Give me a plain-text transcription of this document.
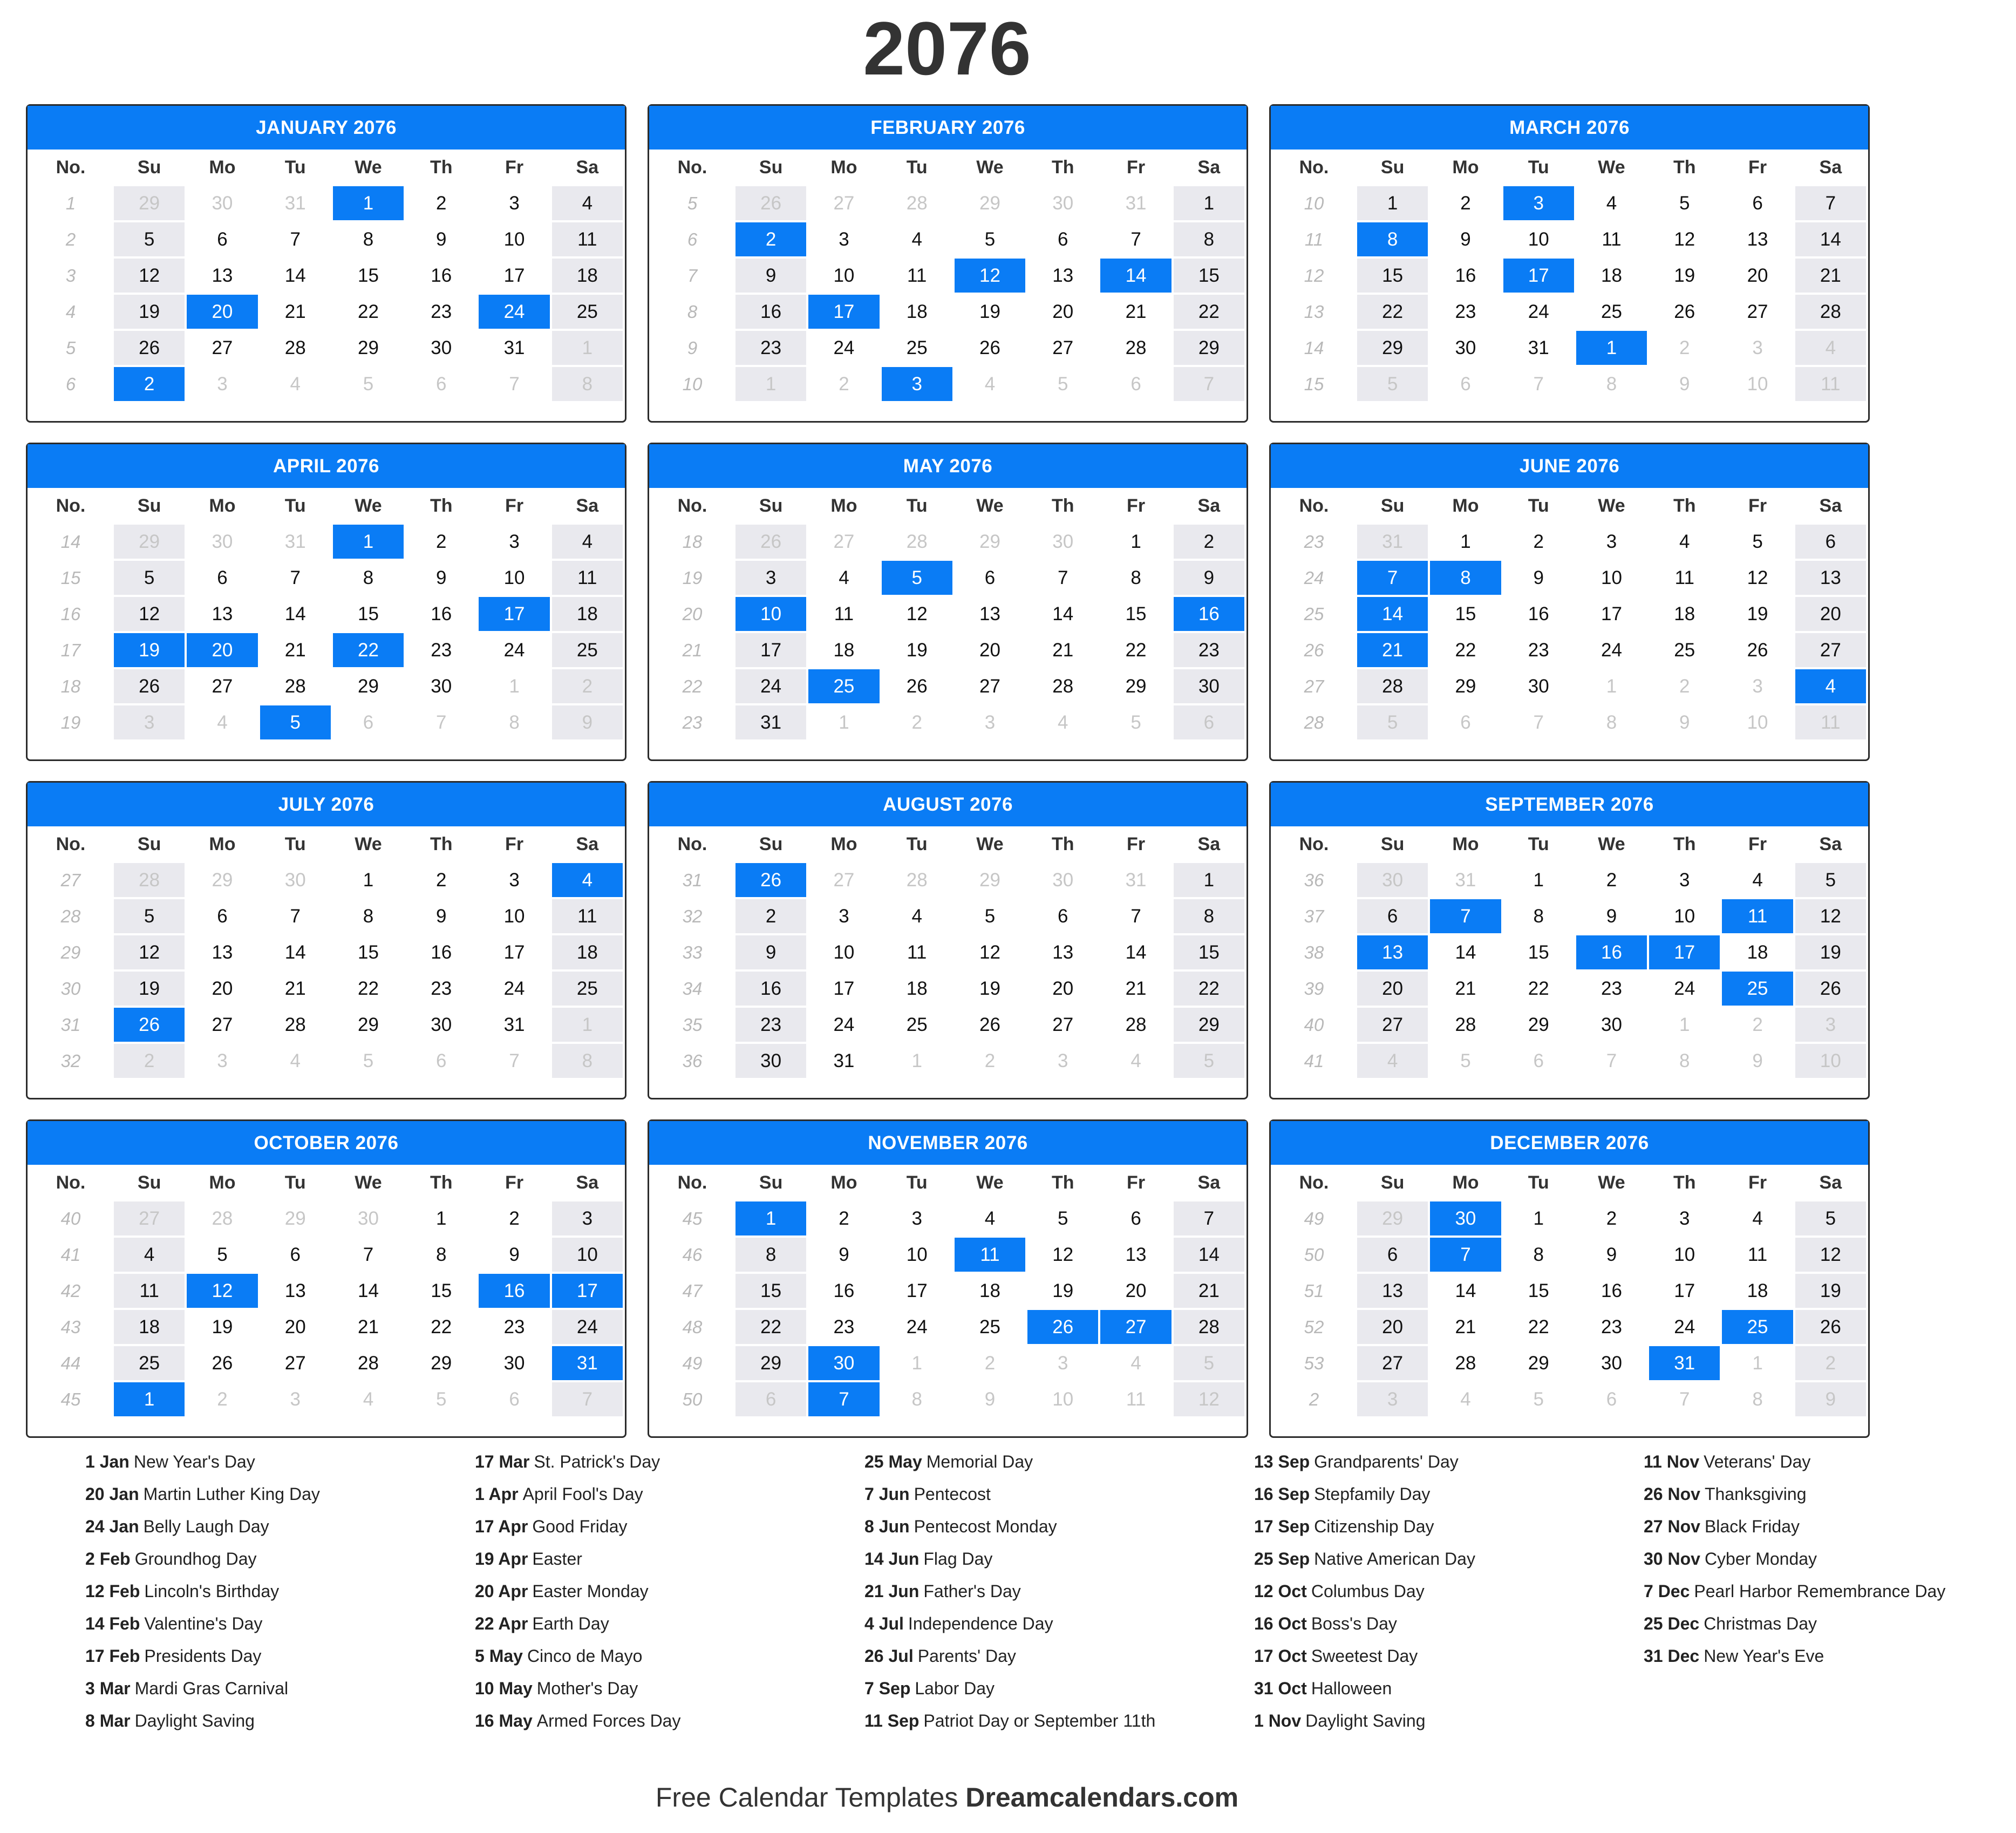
2076
JANUARY 2076
No.	Su	Mo	Tu	We	Th	Fr	Sa
1	29	30	31	1	2	3	4
2	5	6	7	8	9	10	11
3	12	13	14	15	16	17	18
4	19	20	21	22	23	24	25
5	26	27	28	29	30	31	1
6	2	3	4	5	6	7	8
FEBRUARY 2076
No.	Su	Mo	Tu	We	Th	Fr	Sa
5	26	27	28	29	30	31	1
6	2	3	4	5	6	7	8
7	9	10	11	12	13	14	15
8	16	17	18	19	20	21	22
9	23	24	25	26	27	28	29
10	1	2	3	4	5	6	7
MARCH 2076
No.	Su	Mo	Tu	We	Th	Fr	Sa
10	1	2	3	4	5	6	7
11	8	9	10	11	12	13	14
12	15	16	17	18	19	20	21
13	22	23	24	25	26	27	28
14	29	30	31	1	2	3	4
15	5	6	7	8	9	10	11
APRIL 2076
No.	Su	Mo	Tu	We	Th	Fr	Sa
14	29	30	31	1	2	3	4
15	5	6	7	8	9	10	11
16	12	13	14	15	16	17	18
17	19	20	21	22	23	24	25
18	26	27	28	29	30	1	2
19	3	4	5	6	7	8	9
MAY 2076
No.	Su	Mo	Tu	We	Th	Fr	Sa
18	26	27	28	29	30	1	2
19	3	4	5	6	7	8	9
20	10	11	12	13	14	15	16
21	17	18	19	20	21	22	23
22	24	25	26	27	28	29	30
23	31	1	2	3	4	5	6
JUNE 2076
No.	Su	Mo	Tu	We	Th	Fr	Sa
23	31	1	2	3	4	5	6
24	7	8	9	10	11	12	13
25	14	15	16	17	18	19	20
26	21	22	23	24	25	26	27
27	28	29	30	1	2	3	4
28	5	6	7	8	9	10	11
JULY 2076
No.	Su	Mo	Tu	We	Th	Fr	Sa
27	28	29	30	1	2	3	4
28	5	6	7	8	9	10	11
29	12	13	14	15	16	17	18
30	19	20	21	22	23	24	25
31	26	27	28	29	30	31	1
32	2	3	4	5	6	7	8
AUGUST 2076
No.	Su	Mo	Tu	We	Th	Fr	Sa
31	26	27	28	29	30	31	1
32	2	3	4	5	6	7	8
33	9	10	11	12	13	14	15
34	16	17	18	19	20	21	22
35	23	24	25	26	27	28	29
36	30	31	1	2	3	4	5
SEPTEMBER 2076
No.	Su	Mo	Tu	We	Th	Fr	Sa
36	30	31	1	2	3	4	5
37	6	7	8	9	10	11	12
38	13	14	15	16	17	18	19
39	20	21	22	23	24	25	26
40	27	28	29	30	1	2	3
41	4	5	6	7	8	9	10
OCTOBER 2076
No.	Su	Mo	Tu	We	Th	Fr	Sa
40	27	28	29	30	1	2	3
41	4	5	6	7	8	9	10
42	11	12	13	14	15	16	17
43	18	19	20	21	22	23	24
44	25	26	27	28	29	30	31
45	1	2	3	4	5	6	7
NOVEMBER 2076
No.	Su	Mo	Tu	We	Th	Fr	Sa
45	1	2	3	4	5	6	7
46	8	9	10	11	12	13	14
47	15	16	17	18	19	20	21
48	22	23	24	25	26	27	28
49	29	30	1	2	3	4	5
50	6	7	8	9	10	11	12
DECEMBER 2076
No.	Su	Mo	Tu	We	Th	Fr	Sa
49	29	30	1	2	3	4	5
50	6	7	8	9	10	11	12
51	13	14	15	16	17	18	19
52	20	21	22	23	24	25	26
53	27	28	29	30	31	1	2
2	3	4	5	6	7	8	9
1 Jan New Year's Day
20 Jan Martin Luther King Day
24 Jan Belly Laugh Day
2 Feb Groundhog Day
12 Feb Lincoln's Birthday
14 Feb Valentine's Day
17 Feb Presidents Day
3 Mar Mardi Gras Carnival
8 Mar Daylight Saving
17 Mar St. Patrick's Day
1 Apr April Fool's Day
17 Apr Good Friday
19 Apr Easter
20 Apr Easter Monday
22 Apr Earth Day
5 May Cinco de Mayo
10 May Mother's Day
16 May Armed Forces Day
25 May Memorial Day
7 Jun Pentecost
8 Jun Pentecost Monday
14 Jun Flag Day
21 Jun Father's Day
4 Jul Independence Day
26 Jul Parents' Day
7 Sep Labor Day
11 Sep Patriot Day or September 11th
13 Sep Grandparents' Day
16 Sep Stepfamily Day
17 Sep Citizenship Day
25 Sep Native American Day
12 Oct Columbus Day
16 Oct Boss's Day
17 Oct Sweetest Day
31 Oct Halloween
1 Nov Daylight Saving
11 Nov Veterans' Day
26 Nov Thanksgiving
27 Nov Black Friday
30 Nov Cyber Monday
7 Dec Pearl Harbor Remembrance Day
25 Dec Christmas Day
31 Dec New Year's Eve
Free Calendar Templates Dreamcalendars.com
